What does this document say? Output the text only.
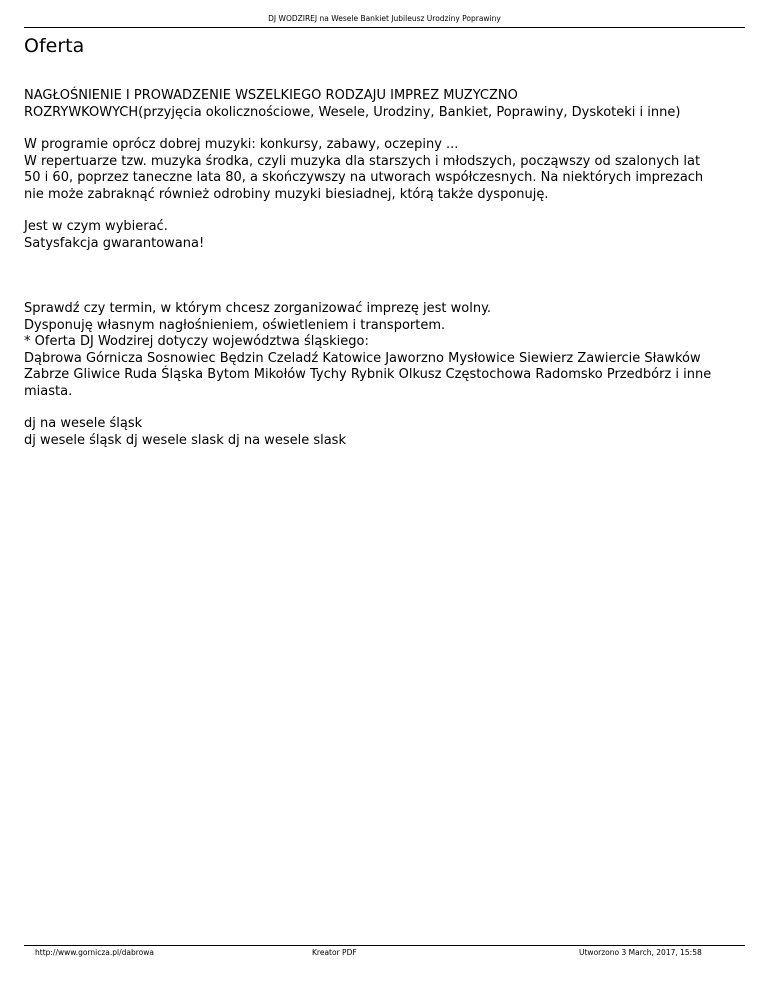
DJ WODZIREJ na Wesele Bankiet Jubileusz Urodziny Poprawiny
Oferta

NAGŁOŚNIENIE I PROWADZENIE WSZELKIEGO RODZAJU IMPREZ MUZYCZNO
ROZRYWKOWYCH(przyjęcia okolicznościowe, Wesele, Urodziny, Bankiet, Poprawiny, Dyskoteki i inne)

W programie oprócz dobrej muzyki: konkursy, zabawy, oczepiny ...
W repertuarze tzw. muzyka środka, czyli muzyka dla starszych i młodszych, począwszy od szalonych lat
50 i 60, poprzez taneczne lata 80, a skończywszy na utworach współczesnych. Na niektórych imprezach
nie może zabraknąć również odrobiny muzyki biesiadnej, którą także dysponuję.

Jest w czym wybierać.
Satysfakcja gwarantowana!

Sprawdź czy termin, w którym chcesz zorganizować imprezę jest wolny.
Dysponuję własnym nagłośnieniem, oświetleniem i transportem.
* Oferta DJ Wodzirej dotyczy województwa śląskiego:
Dąbrowa Górnicza Sosnowiec Będzin Czeladź Katowice Jaworzno Mysłowice Siewierz Zawiercie Sławków
Zabrze Gliwice Ruda Śląska Bytom Mikołów Tychy Rybnik Olkusz Częstochowa Radomsko Przedbórz i inne
miasta.

dj na wesele śląsk
dj wesele śląsk dj wesele slask dj na wesele slask

http://www.gornicza.pl/dabrowa	Kreator PDF	Utworzono 3 March, 2017, 15:58
